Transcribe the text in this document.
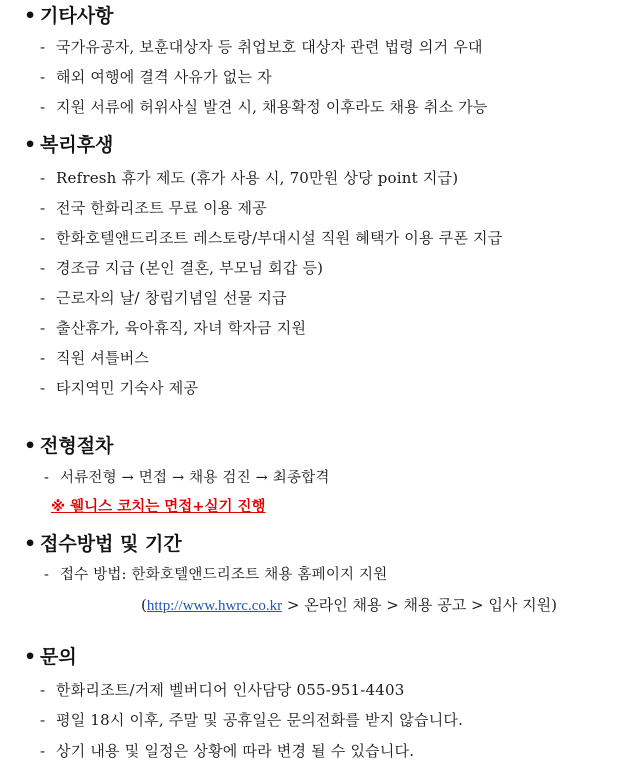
• 기타사항
- 국가유공자, 보훈대상자 등 취업보호 대상자 관련 법령 의거 우대
- 해외 여행에 결격 사유가 없는 자
- 지원 서류에 허위사실 발견 시, 채용확정 이후라도 채용 취소 가능
• 복리후생
- Refresh 휴가 제도 (휴가 사용 시, 70만원 상당 point 지급)
- 전국 한화리조트 무료 이용 제공
- 한화호텔앤드리조트 레스토랑/부대시설 직원 혜택가 이용 쿠폰 지급
- 경조금 지급 (본인 결혼, 부모님 회갑 등)
- 근로자의 날/ 창립기념일 선물 지급
- 출산휴가, 육아휴직, 자녀 학자금 지원
- 직원 셔틀버스
- 타지역민 기숙사 제공
• 전형절차
- 서류전형 → 면접 → 채용 검진 → 최종합격
※ 웰니스 코치는 면접+실기 진행
• 접수방법 및 기간
- 접수 방법: 한화호텔앤드리조트 채용 홈페이지 지원
(http://www.hwrc.co.kr > 온라인 채용 > 채용 공고 > 입사 지원)
• 문의
- 한화리조트/거제 벨버디어 인사담당 055-951-4403
- 평일 18시 이후, 주말 및 공휴일은 문의전화를 받지 않습니다.
- 상기 내용 및 일정은 상황에 따라 변경 될 수 있습니다.
